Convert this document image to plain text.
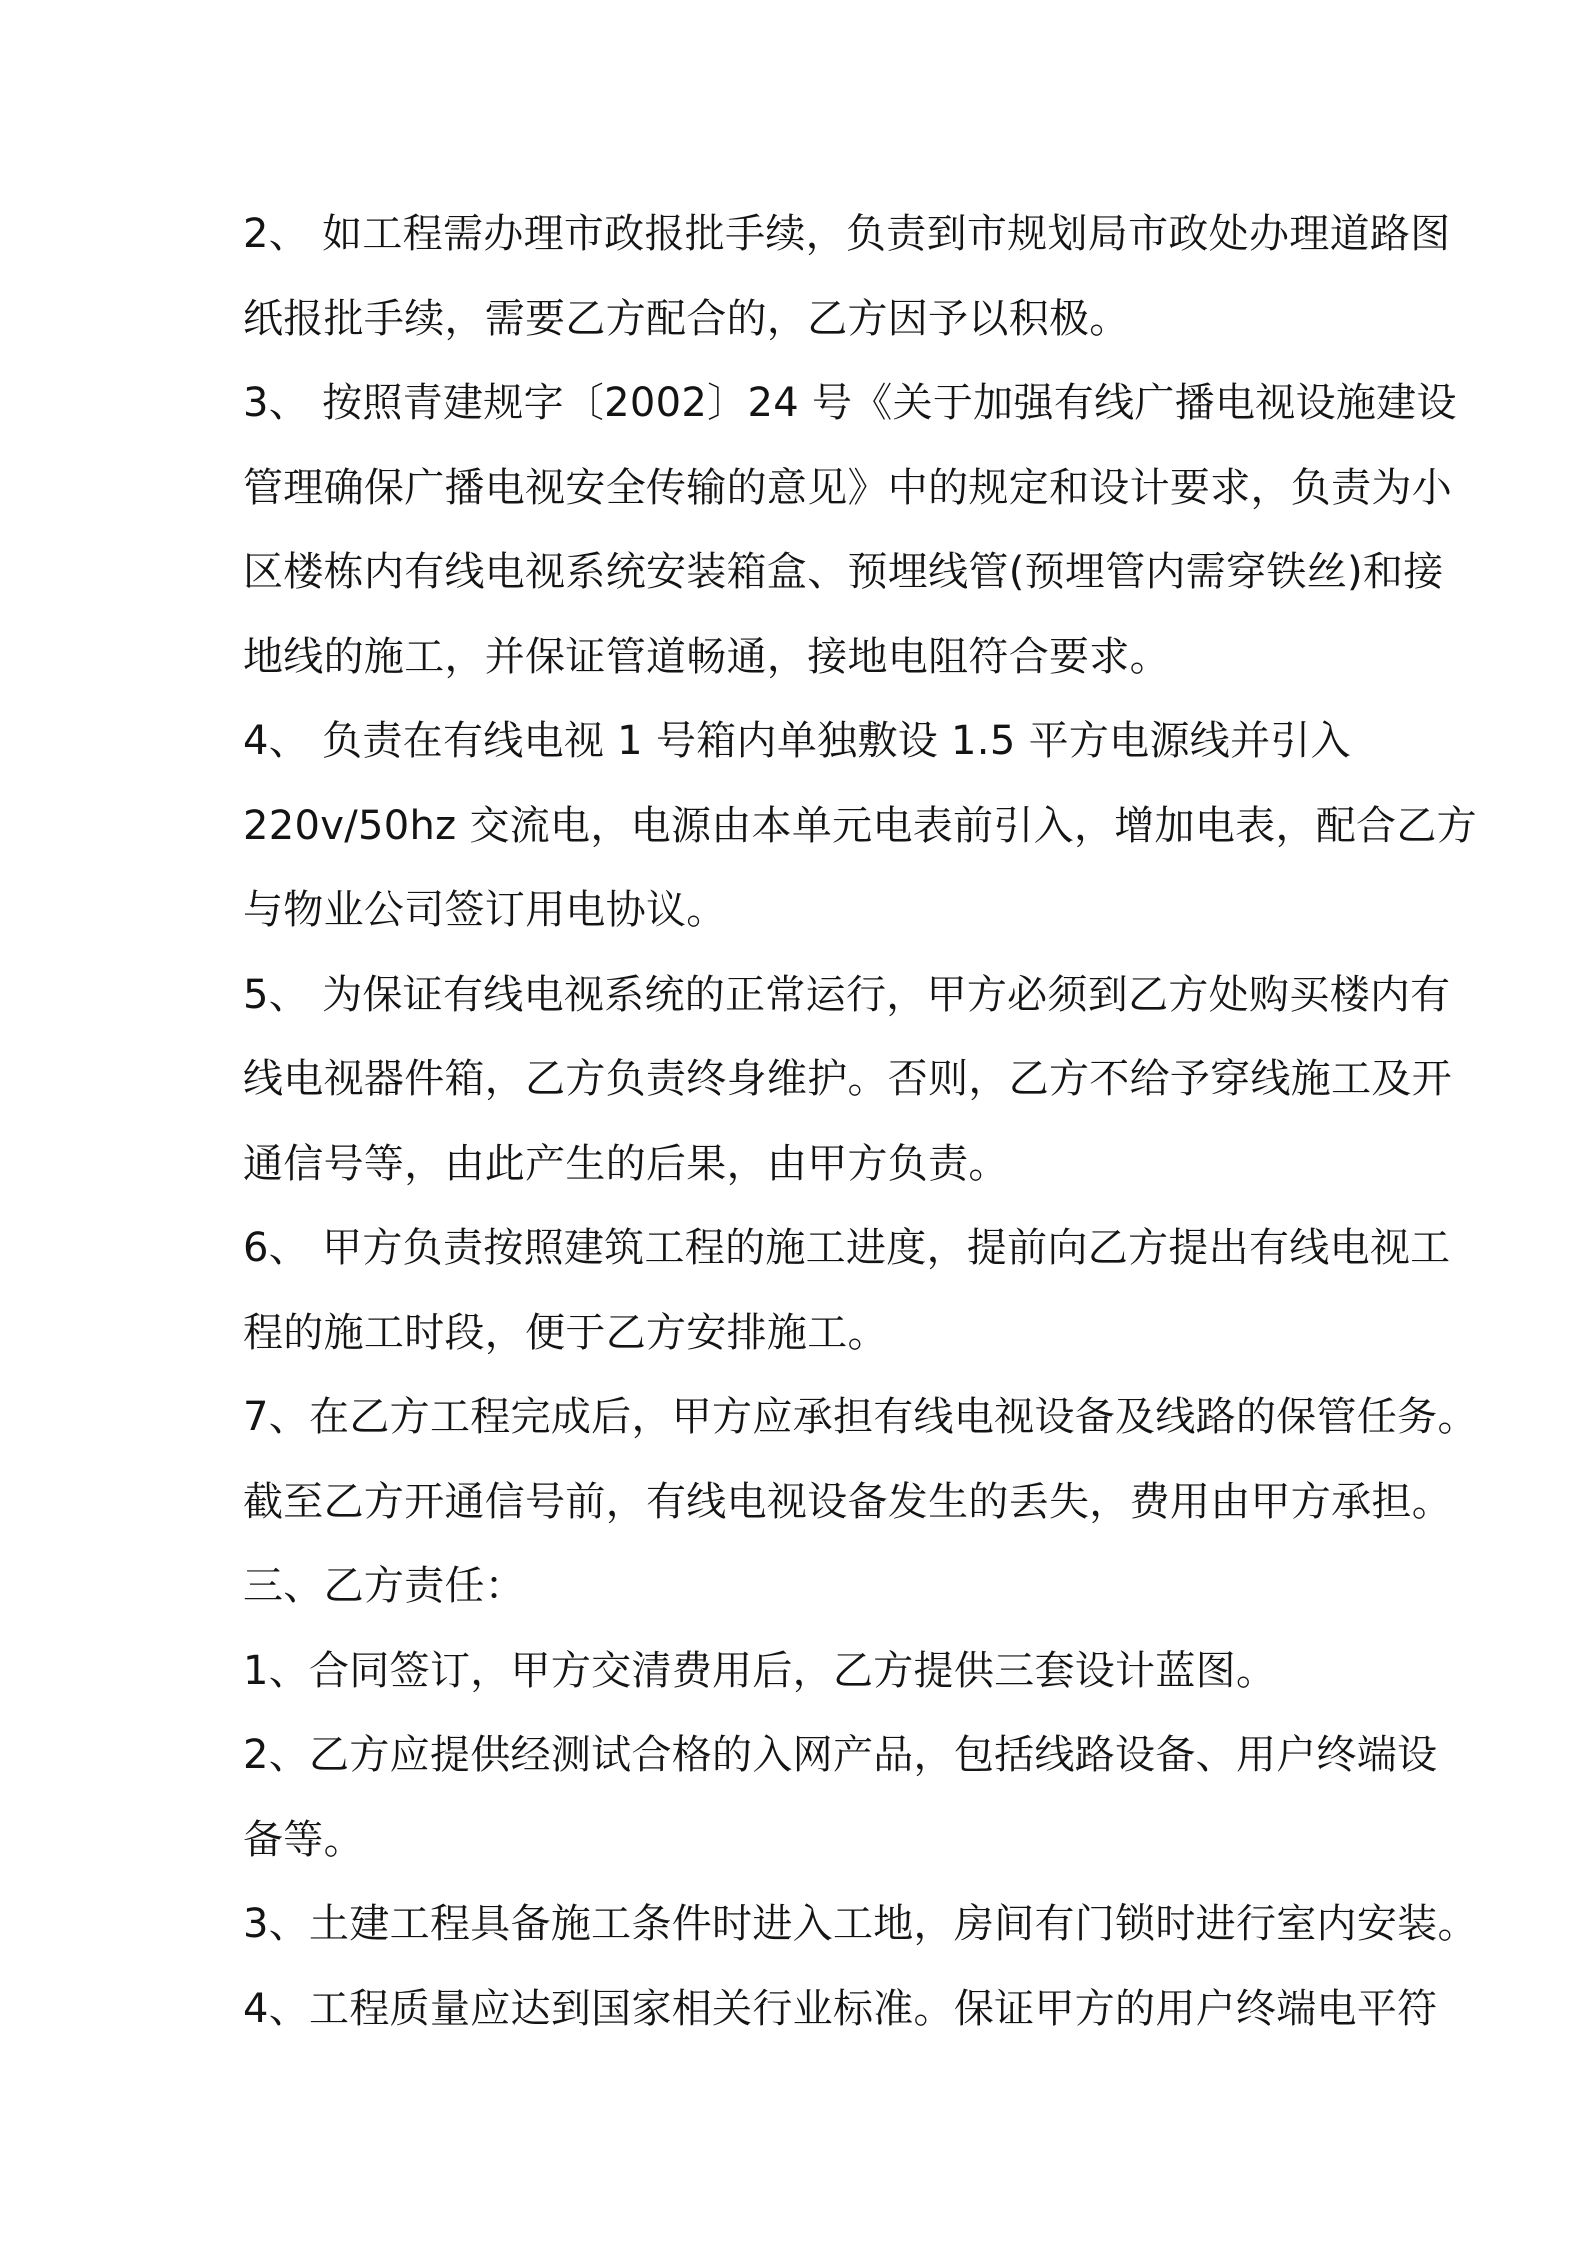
2、 如工程需办理市政报批手续，负责到市规划局市政处办理道路图
纸报批手续，需要乙方配合的，乙方因予以积极。
3、 按照青建规字〔2002〕24 号《关于加强有线广播电视设施建设
管理确保广播电视安全传输的意见》中的规定和设计要求，负责为小
区楼栋内有线电视系统安装箱盒、预埋线管(预埋管内需穿铁丝)和接
地线的施工，并保证管道畅通，接地电阻符合要求。
4、 负责在有线电视 1 号箱内单独敷设 1.5 平方电源线并引入
220v/50hz 交流电，电源由本单元电表前引入，增加电表，配合乙方
与物业公司签订用电协议。
5、 为保证有线电视系统的正常运行，甲方必须到乙方处购买楼内有
线电视器件箱，乙方负责终身维护。否则，乙方不给予穿线施工及开
通信号等，由此产生的后果，由甲方负责。
6、 甲方负责按照建筑工程的施工进度，提前向乙方提出有线电视工
程的施工时段，便于乙方安排施工。
7、在乙方工程完成后，甲方应承担有线电视设备及线路的保管任务。
截至乙方开通信号前，有线电视设备发生的丢失，费用由甲方承担。
三、乙方责任：
1、合同签订，甲方交清费用后，乙方提供三套设计蓝图。
2、乙方应提供经测试合格的入网产品，包括线路设备、用户终端设
备等。
3、土建工程具备施工条件时进入工地，房间有门锁时进行室内安装。
4、工程质量应达到国家相关行业标准。保证甲方的用户终端电平符
